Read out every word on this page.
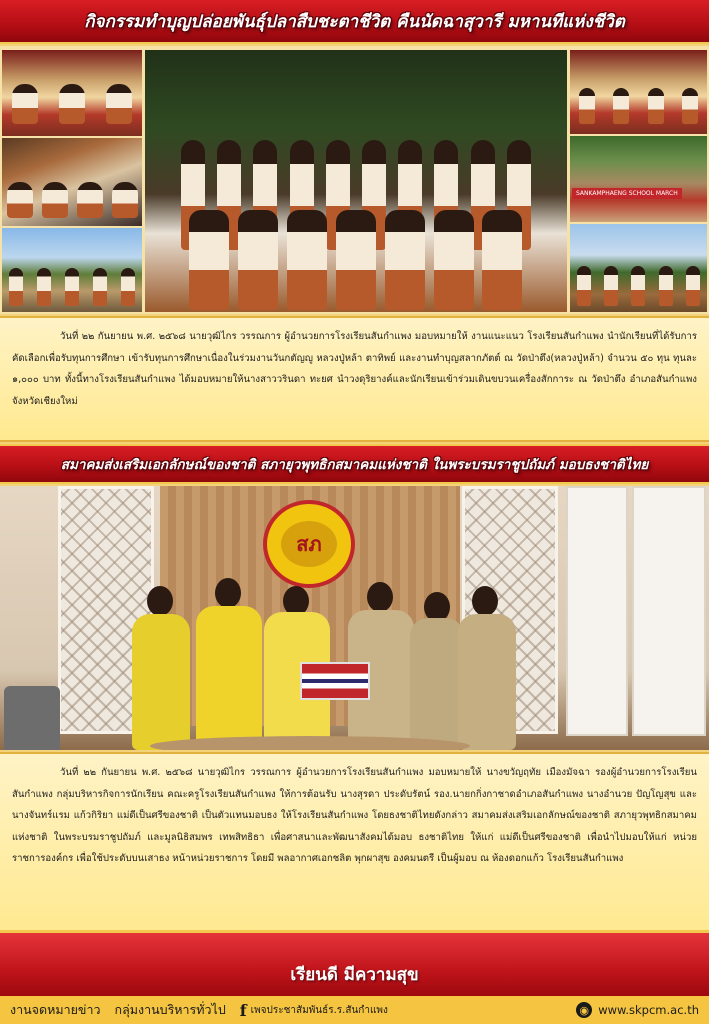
กิจกรรมทำบุญปล่อยพันธุ์ปลาสืบชะตาชีวิต คืนนัดฉาสุวารี มหานทีแห่งชีวิต
SANKAMPHAENG SCHOOL MARCH

วันที่ ๒๒ กันยายน พ.ศ. ๒๕๖๘ นายวุฒิไกร วรรณการ ผู้อำนวยการโรงเรียนสันกำแพง มอบหมายให้ งานแนะแนว โรงเรียนสันกำแพง นำนักเรียนที่ได้รับการคัดเลือกเพื่อรับทุนการศึกษา เข้ารับทุนการศึกษาเนื่องในร่วมงานวันกตัญญู หลวงปู่หล้า ตาทิพย์ และงานทำบุญสลากภัตต์ ณ วัดป่าตึง(หลวงปู่หล้า) จำนวน ๕๐ ทุน ทุนละ ๑,๐๐๐ บาท ทั้งนี้ทางโรงเรียนสันกำแพง ได้มอบหมายให้นางสาววรินดา ทะยศ นำวงดุริยางค์และนักเรียนเข้าร่วมเดินขบวนเครื่องสักการะ ณ วัดป่าตึง อำเภอสันกำแพง จังหวัดเชียงใหม่

สมาคมส่งเสริมเอกลักษณ์ของชาติ สภายุวพุทธิกสมาคมแห่งชาติ ในพระบรมราชูปถัมภ์ มอบธงชาติไทย
สภ

วันที่ ๒๒ กันยายน พ.ศ. ๒๕๖๘ นายวุฒิไกร วรรณการ ผู้อำนวยการโรงเรียนสันกำแพง มอบหมายให้ นางขวัญฤทัย เมืองมัจฉา รองผู้อำนวยการโรงเรียนสันกำแพง กลุ่มบริหารกิจการนักเรียน คณะครูโรงเรียนสันกำแพง ให้การต้อนรับ นางสุรดา ประดับรัตน์ รอง.นายกกิ่งกาชาดอำเภอสันกำแพง นางอำนวย ปัญโญสุข และนางจันทร์แรม แก้วกิริยา แม่ดีเป็นศรีของชาติ เป็นตัวแทนมอบธง ให้โรงเรียนสันกำแพง โดยธงชาติไทยดังกล่าว สมาคมส่งเสริมเอกลักษณ์ของชาติ สภายุวพุทธิกสมาคมแห่งชาติ ในพระบรมราชูปถัมภ์ และมูลนิธิสมพร เทพสิทธิธา เพื่อศาสนาและพัฒนาสังคมได้มอบ ธงชาติไทย ให้แก่ แม่ดีเป็นศรีของชาติ เพื่อนำไปมอบให้แก่ หน่วยราชการองค์กร เพื่อใช้ประดับบนเสาธง หน้าหน่วยราชการ โดยมี พลอากาศเอกชลิต พุกผาสุข องคมนตรี เป็นผู้มอบ ณ ห้องดอกแก้ว โรงเรียนสันกำแพง

เรียนดี มีความสุข
งานจดหมายข่าว กลุ่มงานบริหารทั่วไป f เพจประชาสัมพันธ์ร.ร.สันกำแพง	◉ www.skpcm.ac.th
